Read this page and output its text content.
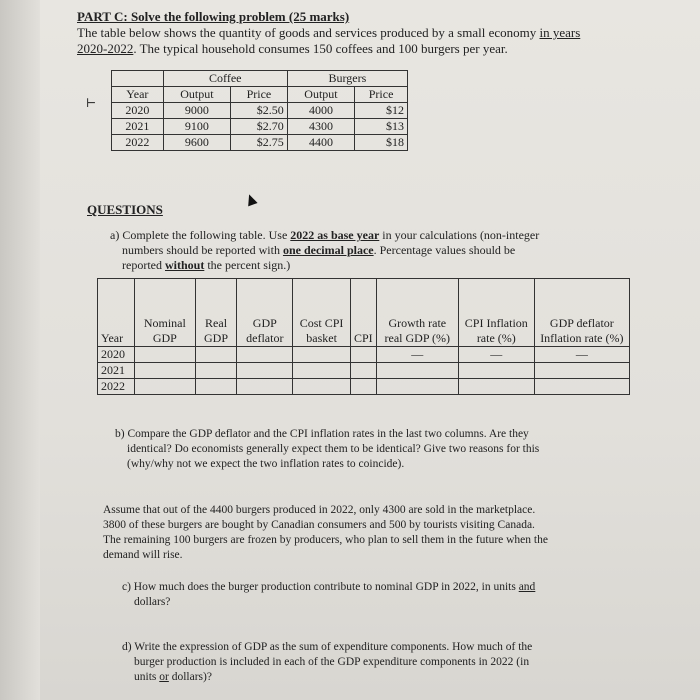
PART C: Solve the following problem (25 marks)
The table below shows the quantity of goods and services produced by a small economy in years
2020-2022. The typical household consumes 150 coffees and 100 burgers per year.
⊢
	Coffee		Burgers	
Year	Output	Price	Output	Price
2020	9000	$2.50	4000	$12
2021	9100	$2.70	4300	$13
2022	9600	$2.75	4400	$18
QUESTIONS
a) Complete the following table. Use 2022 as base year in your calculations (non-integer
numbers should be reported with one decimal place. Percentage values should be
reported without the percent sign.)
Year	Nominal GDP	Real GDP	GDP deflator	Cost CPI basket	CPI	Growth rate real GDP (%)	CPI Inflation rate (%)	GDP deflator Inflation rate (%)
2020						—	—	—
2021								
2022								
b) Compare the GDP deflator and the CPI inflation rates in the last two columns. Are they
identical? Do economists generally expect them to be identical? Give two reasons for this
(why/why not we expect the two inflation rates to coincide).
Assume that out of the 4400 burgers produced in 2022, only 4300 are sold in the marketplace.
3800 of these burgers are bought by Canadian consumers and 500 by tourists visiting Canada.
The remaining 100 burgers are frozen by producers, who plan to sell them in the future when the
demand will rise.
c) How much does the burger production contribute to nominal GDP in 2022, in units and
dollars?
d) Write the expression of GDP as the sum of expenditure components. How much of the
burger production is included in each of the GDP expenditure components in 2022 (in
units or dollars)?
